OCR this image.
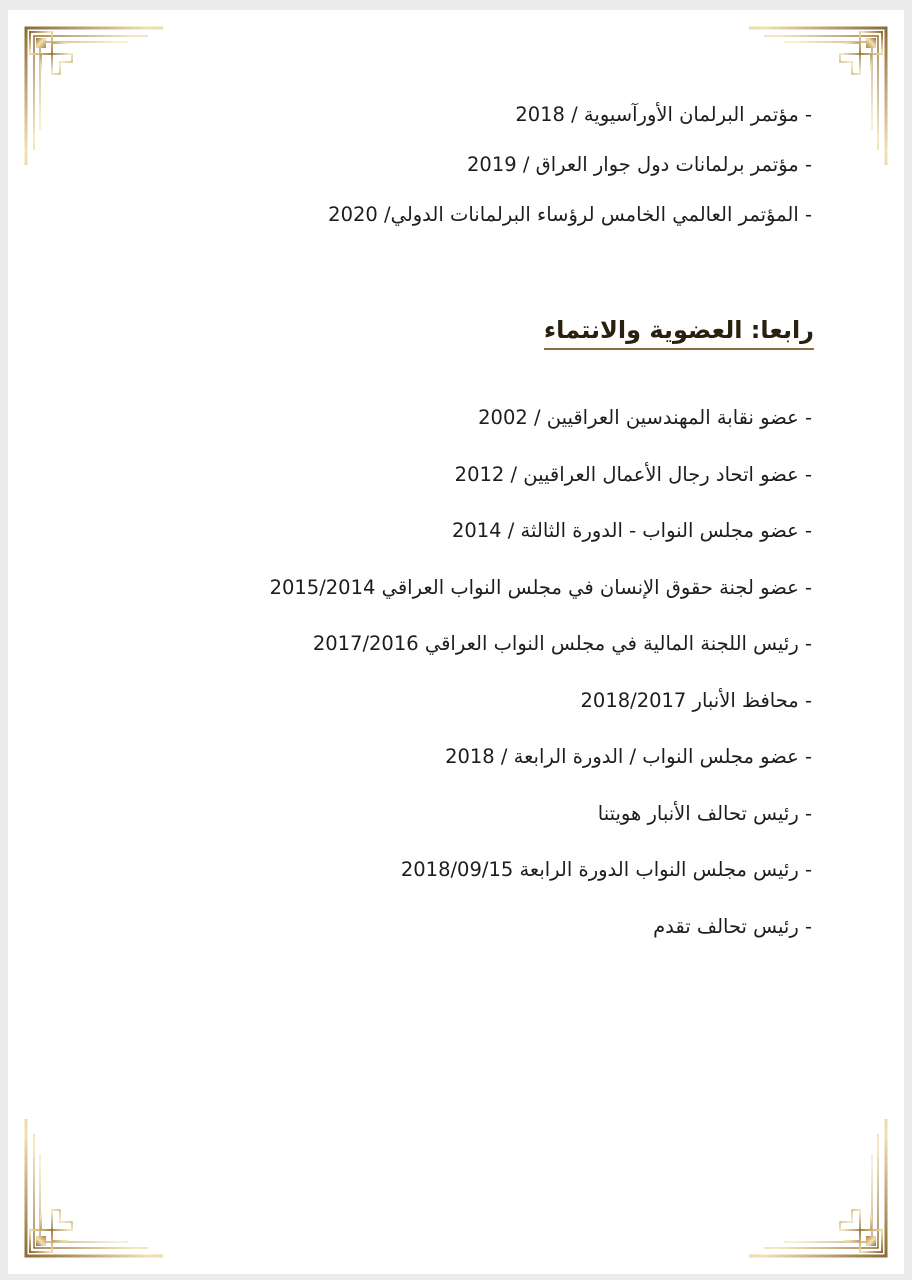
- مؤتمر البرلمان الأورآسيوية / 2018

- مؤتمر برلمانات دول جوار العراق / 2019

- المؤتمر العالمي الخامس لرؤساء البرلمانات الدولي/ 2020

رابعا: العضوية والانتماء

- عضو نقابة المهندسين العراقيين / 2002

- عضو اتحاد رجال الأعمال العراقيين / 2012

- عضو مجلس النواب - الدورة الثالثة / 2014

- عضو لجنة حقوق الإنسان في مجلس النواب العراقي 2015/2014

- رئيس اللجنة المالية في مجلس النواب العراقي 2017/2016

- محافظ الأنبار 2018/2017

- عضو مجلس النواب / الدورة الرابعة / 2018

- رئيس تحالف الأنبار هويتنا

- رئيس مجلس النواب الدورة الرابعة 2018/09/15

- رئيس تحالف تقدم
